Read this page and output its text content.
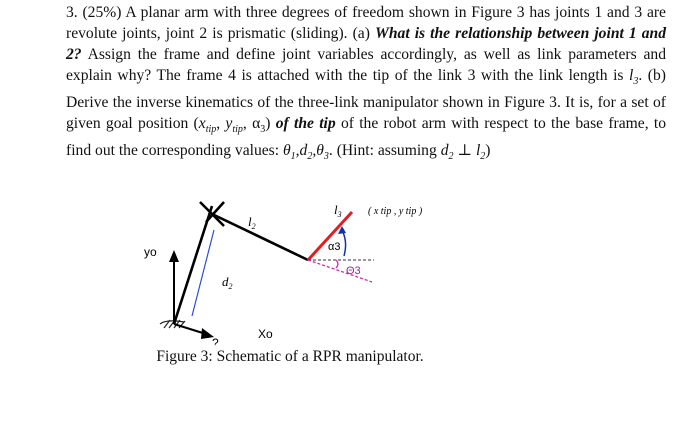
3. (25%) A planar arm with three degrees of freedom shown in Figure 3 has joints 1 and 3 are revolute joints, joint 2 is prismatic (sliding). (a) What is the relationship between joint 1 and 2? Assign the frame and define joint variables accordingly, as well as link parameters and explain why? The frame 4 is attached with the tip of the link 3 with the link length is $l_3$. (b) Derive the inverse kinematics of the three-link manipulator shown in Figure 3. It is, for a set of given goal position ($x_{tip}$, $y_{tip}$, $\alpha_3$) of the tip of the robot arm with respect to the base frame, to find out the corresponding values: $\theta_1,d_2,\theta_3$. (Hint: assuming $d_2$ ⊥ $l_2$)

yo
Xo
?
$d_2$
$l_2$
$l_3$	( x tip , y tip )
α3
Θ3
Figure 3: Schematic of a RPR manipulator.
